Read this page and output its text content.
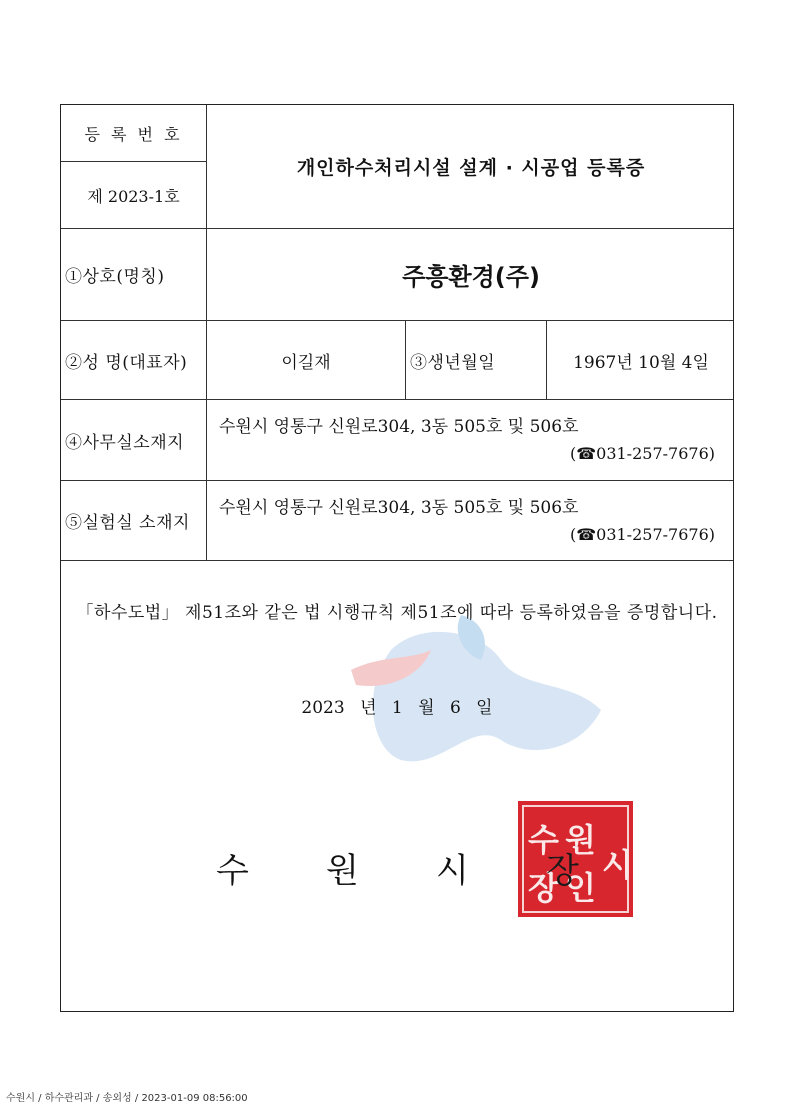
등 록 번 호
제 2023-1호
개인하수처리시설 설계 · 시공업 등록증
①상호(명칭)	주흥환경(주)
②성 명(대표자)	이길재	③생년월일	1967년 10월 4일
④사무실소재지
수원시 영통구 신원로304, 3동 505호 및 506호
(☎031-257-7676)
⑤실험실 소재지
수원시 영통구 신원로304, 3동 505호 및 506호
(☎031-257-7676)
「하수도법」 제51조와 같은 법 시행규칙 제51조에 따라 등록하였음을 증명합니다.
2023 년 1 월 6 일
수 원 시
수 원
장 인
시
장
수원시 / 하수관리과 / 송외성 / 2023-01-09 08:56:00
